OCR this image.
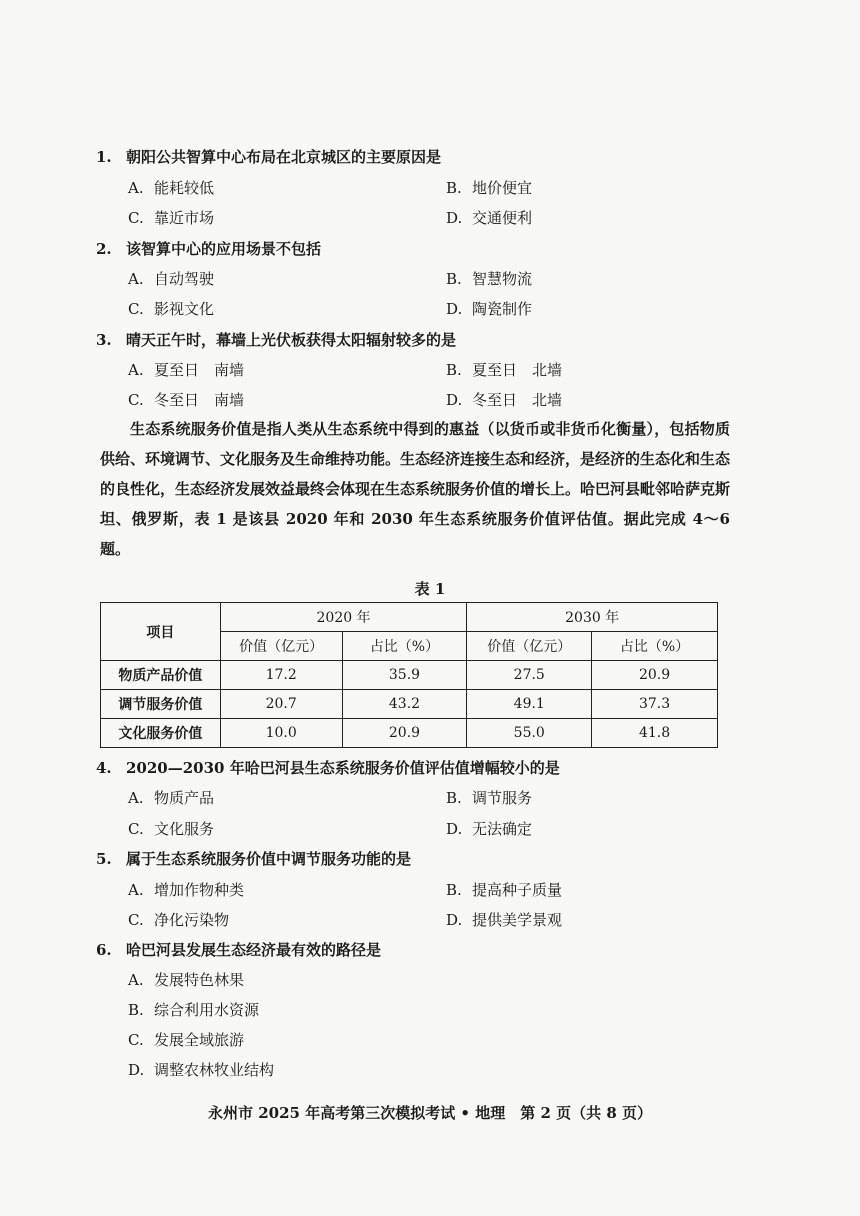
1. 朝阳公共智算中心布局在北京城区的主要原因是
A. 能耗较低	B. 地价便宜
C. 靠近市场	D. 交通便利
2. 该智算中心的应用场景不包括
A. 自动驾驶	B. 智慧物流
C. 影视文化	D. 陶瓷制作
3. 晴天正午时，幕墙上光伏板获得太阳辐射较多的是
A. 夏至日　南墙	B. 夏至日　北墙
C. 冬至日　南墙	D. 冬至日　北墙
生态系统服务价值是指人类从生态系统中得到的惠益（以货币或非货币化衡量），包括物质供给、环境调节、文化服务及生命维持功能。生态经济连接生态和经济，是经济的生态化和生态的良性化，生态经济发展效益最终会体现在生态系统服务价值的增长上。哈巴河县毗邻哈萨克斯坦、俄罗斯，表 1 是该县 2020 年和 2030 年生态系统服务价值评估值。据此完成 4～6 题。
表 1
项目	2020 年		2030 年	
	价值（亿元）	占比（%）	价值（亿元）	占比（%）
物质产品价值	17.2	35.9	27.5	20.9
调节服务价值	20.7	43.2	49.1	37.3
文化服务价值	10.0	20.9	55.0	41.8
4. 2020—2030 年哈巴河县生态系统服务价值评估值增幅较小的是
A. 物质产品	B. 调节服务
C. 文化服务	D. 无法确定
5. 属于生态系统服务价值中调节服务功能的是
A. 增加作物种类	B. 提高种子质量
C. 净化污染物	D. 提供美学景观
6. 哈巴河县发展生态经济最有效的路径是
A. 发展特色林果
B. 综合利用水资源
C. 发展全域旅游
D. 调整农林牧业结构
永州市 2025 年高考第三次模拟考试 • 地理　第 2 页（共 8 页）
